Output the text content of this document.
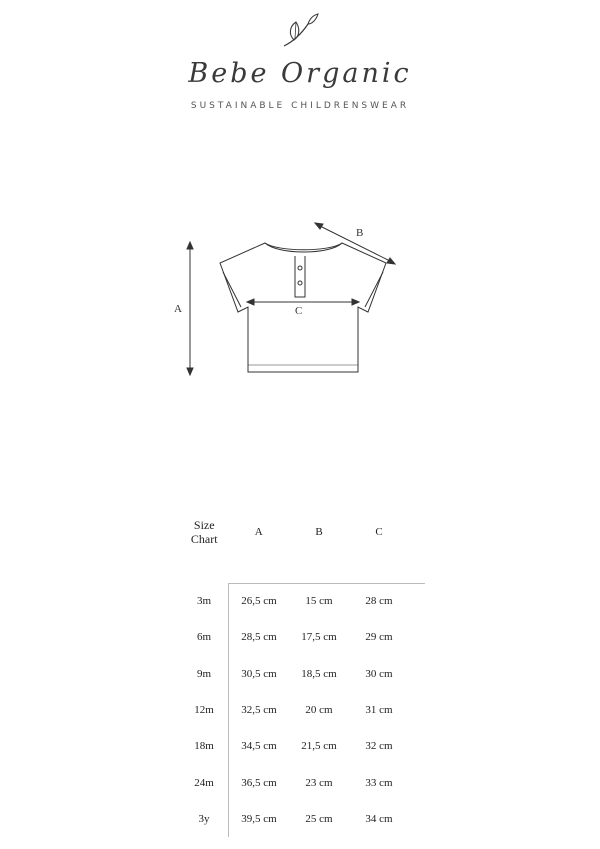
Bebe Organic
SUSTAINABLE CHILDRENSWEAR
A
B
C
Size Chart	A	B	C	

3m	26,5 cm	15 cm	28 cm	
6m	28,5 cm	17,5 cm	29 cm	
9m	30,5 cm	18,5 cm	30 cm	
12m	32,5 cm	20 cm	31 cm	
18m	34,5 cm	21,5 cm	32 cm	
24m	36,5 cm	23 cm	33 cm	
3y	39,5 cm	25 cm	34 cm	
